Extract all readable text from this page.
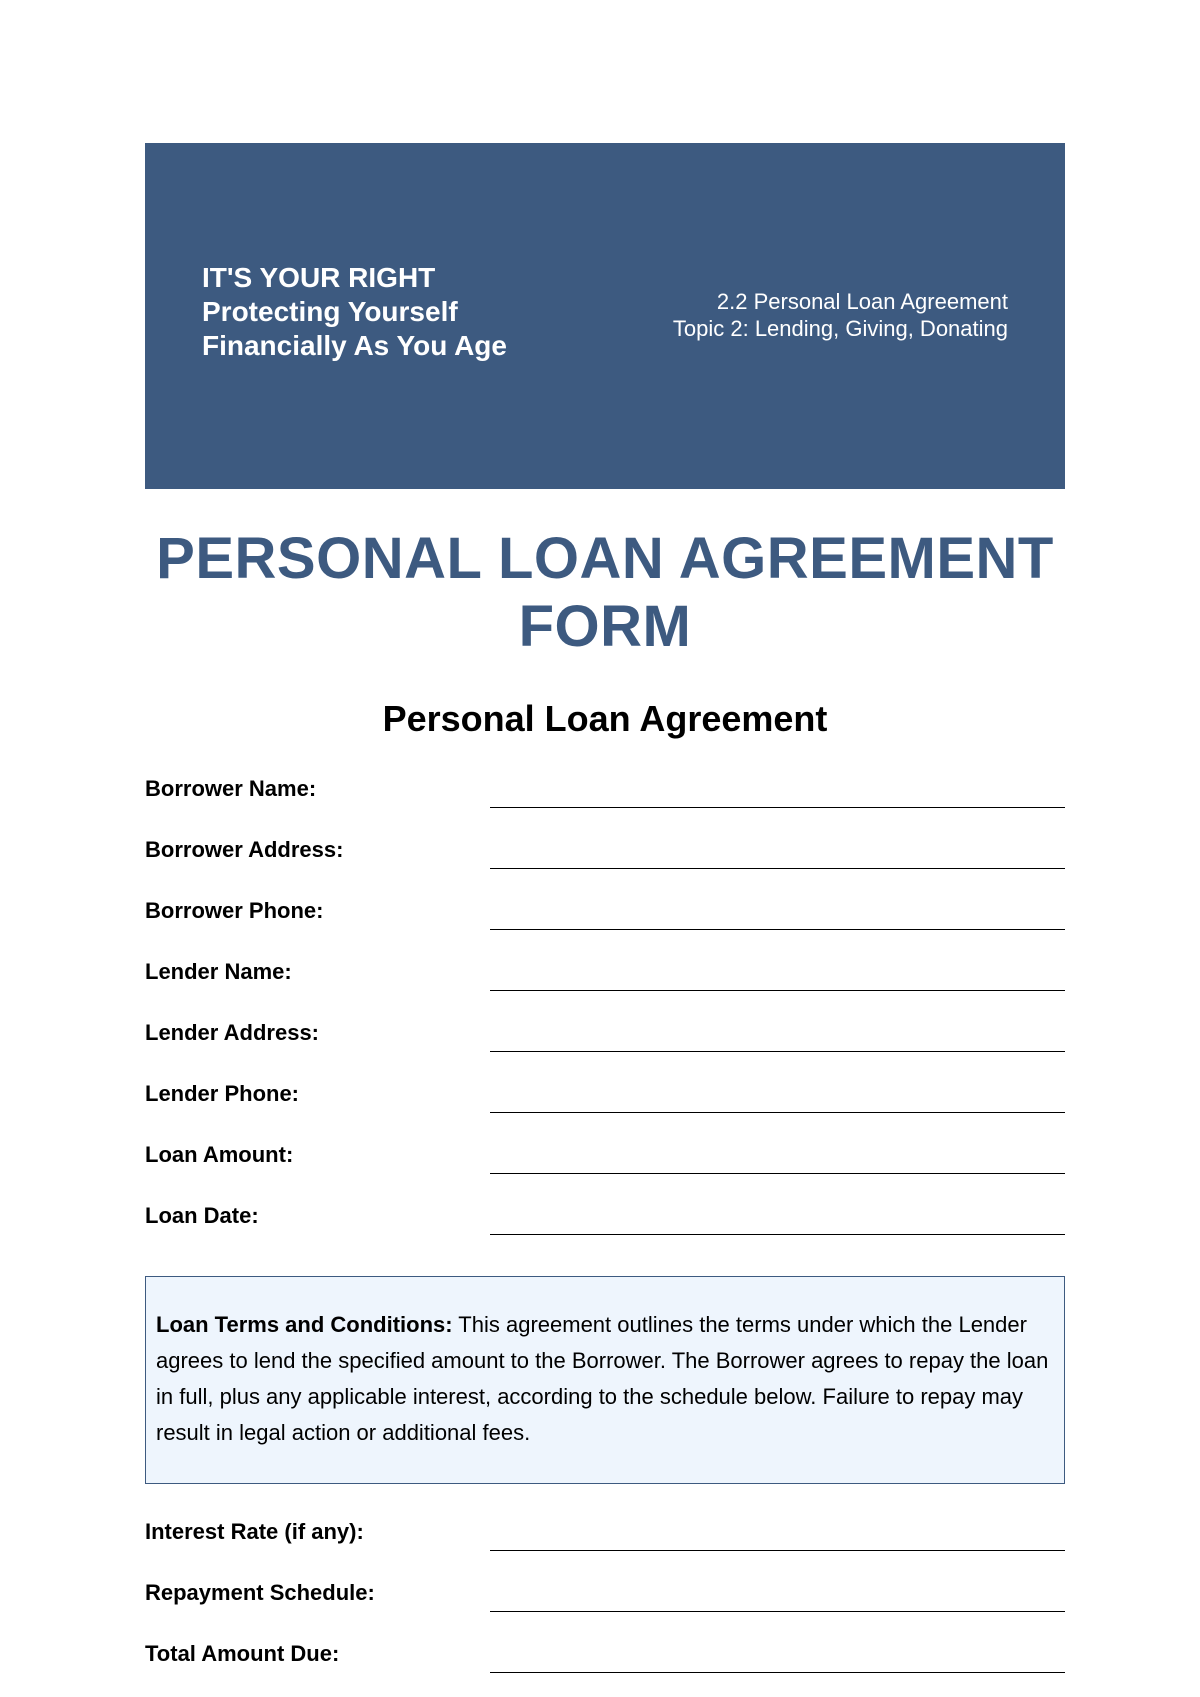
IT'S YOUR RIGHT
Protecting Yourself
Financially As You Age
2.2 Personal Loan Agreement
Topic 2: Lending, Giving, Donating
PERSONAL LOAN AGREEMENT
FORM
Personal Loan Agreement
Borrower Name:
Borrower Address:
Borrower Phone:
Lender Name:
Lender Address:
Lender Phone:
Loan Amount:
Loan Date:
Loan Terms and Conditions: This agreement outlines the terms under which the Lender agrees to lend the specified amount to the Borrower. The Borrower agrees to repay the loan in full, plus any applicable interest, according to the schedule below. Failure to repay may result in legal action or additional fees.
Interest Rate (if any):
Repayment Schedule:
Total Amount Due:
